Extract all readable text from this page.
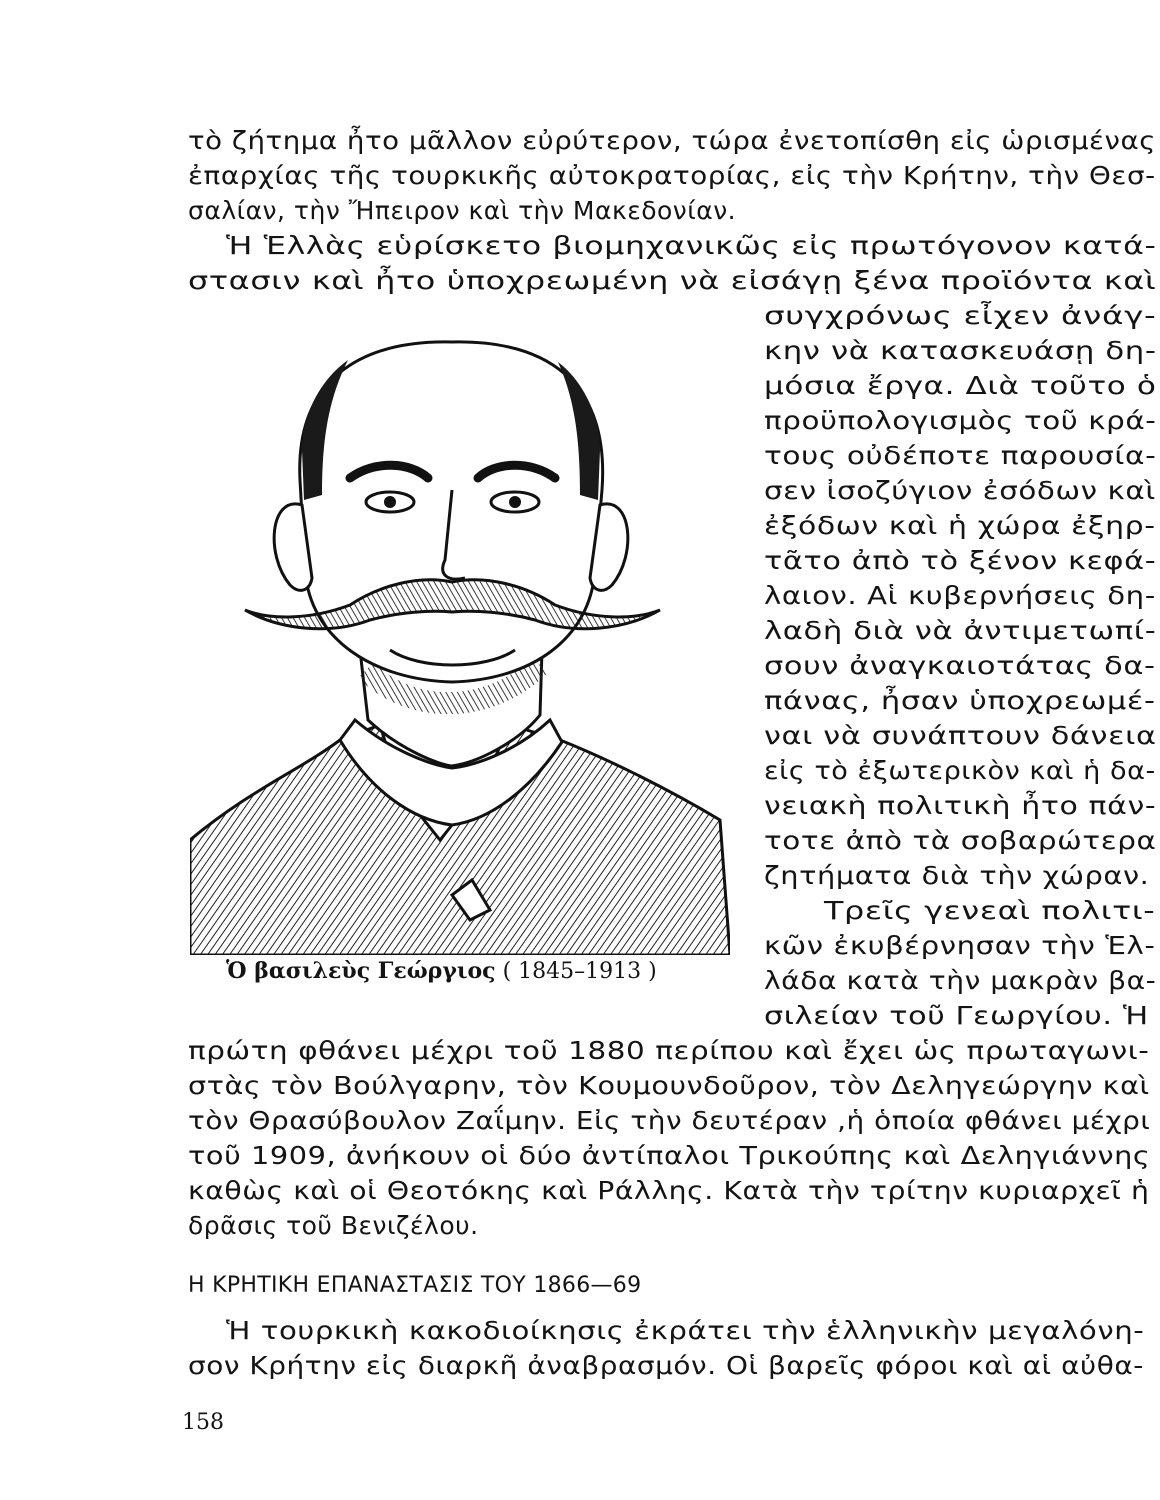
τὸ ζήτημα ἦτο μᾶλλον εὐρύτερον, τώρα ἐνετοπίσθη εἰς ὡρισμένας
ἐπαρχίας τῆς τουρκικῆς αὐτοκρατορίας, εἰς τὴν Κρήτην, τὴν Θεσ-
σαλίαν, τὴν Ἤπειρον καὶ τὴν Μακεδονίαν.
Ἡ Ἑλλὰς εὑρίσκετο βιομηχανικῶς εἰς πρωτόγονον κατά-
στασιν καὶ ἦτο ὑποχρεωμένη νὰ εἰσάγῃ ξένα προϊόντα καὶ
συγχρόνως εἶχεν ἀνάγ-
κην νὰ κατασκευάσῃ δη-
μόσια ἔργα. Διὰ τοῦτο ὁ
προϋπολογισμὸς τοῦ κρά-
τους οὐδέποτε παρουσία-
σεν ἰσοζύγιον ἐσόδων καὶ
ἐξόδων καὶ ἡ χώρα ἐξηρ-
τᾶτο ἀπὸ τὸ ξένον κεφά-
λαιον. Αἱ κυβερνήσεις δη-
λαδὴ διὰ νὰ ἀντιμετωπί-
σουν ἀναγκαιοτάτας δα-
πάνας, ἦσαν ὑποχρεωμέ-
ναι νὰ συνάπτουν δάνεια
εἰς τὸ ἐξωτερικὸν καὶ ἡ δα-
νειακὴ πολιτικὴ ἦτο πάν-
τοτε ἀπὸ τὰ σοβαρώτερα
ζητήματα διὰ τὴν χώραν.
Τρεῖς γενεαὶ πολιτι-
κῶν ἐκυβέρνησαν τὴν Ἑλ-
λάδα κατὰ τὴν μακρὰν βα-
σιλείαν τοῦ Γεωργίου. Ἡ
πρώτη φθάνει μέχρι τοῦ 1880 περίπου καὶ ἔχει ὡς πρωταγωνι-
στὰς τὸν Βούλγαρην, τὸν Κουμουνδοῦρον, τὸν Δεληγεώργην καὶ
τὸν Θρασύβουλον Ζαΐμην. Εἰς τὴν δευτέραν ,ἡ ὁποία φθάνει μέχρι
τοῦ 1909, ἀνήκουν οἱ δύο ἀντίπαλοι Τρικούπης καὶ Δεληγιάννης
καθὼς καὶ οἱ Θεοτόκης καὶ Ράλλης. Κατὰ τὴν τρίτην κυριαρχεῖ ἡ
δρᾶσις τοῦ Βενιζέλου.
Η ΚΡΗΤΙΚΗ ΕΠΑΝΑΣΤΑΣΙΣ ΤΟΥ 1866—69
Ἡ τουρκικὴ κακοδιοίκησις ἐκράτει τὴν ἑλληνικὴν μεγαλόνη-
σον Κρήτην εἰς διαρκῆ ἀναβρασμόν. Οἱ βαρεῖς φόροι καὶ αἱ αὐθα-
Ὁ βασιλεὺς Γεώργιος ( 1845–1913 )
158
